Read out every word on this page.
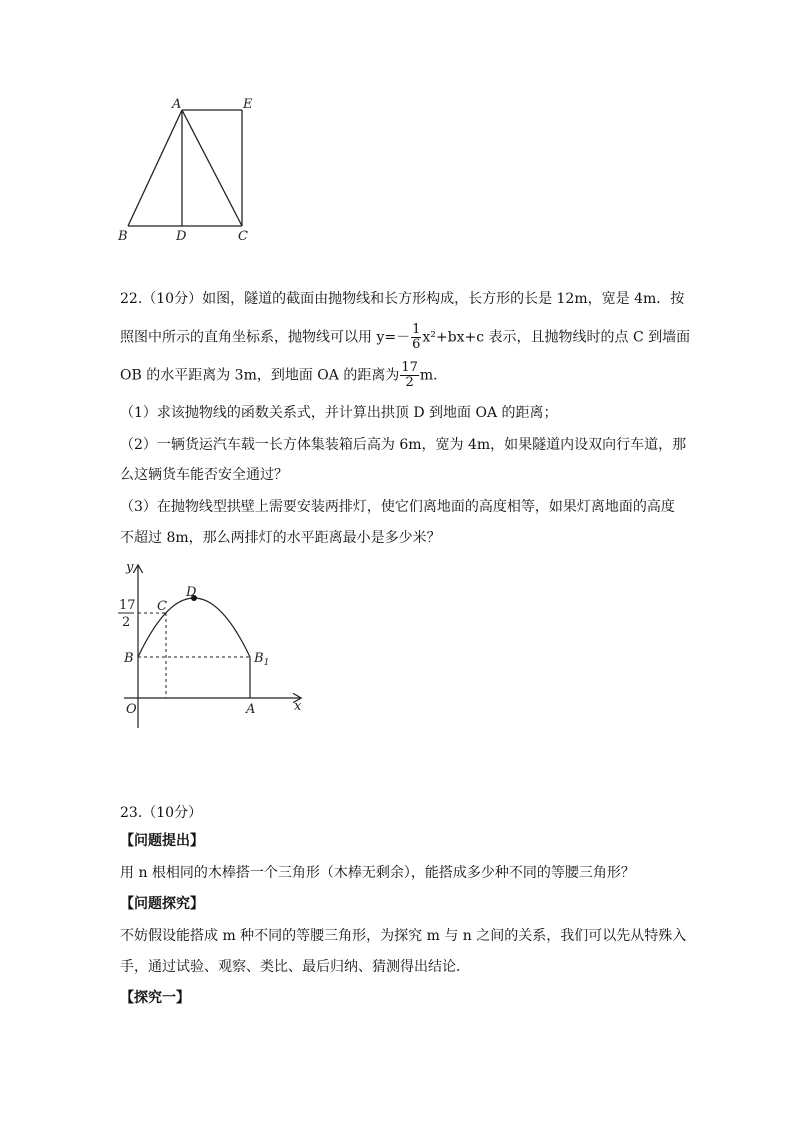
A	E
B	D	C
22.（10分）如图，隧道的截面由抛物线和长方形构成，长方形的长是 12m，宽是 4m．按
照图中所示的直角坐标系，抛物线可以用 $y=- \frac{1}{6} x^2+bx+c$ 表示，且抛物线时的点 C 到墙面
OB 的水平距离为 3m，到地面 OA 的距离为 $\frac{17}{2}$ m．
（1）求该抛物线的函数关系式，并计算出拱顶 D 到地面 OA 的距离；
（2）一辆货运汽车载一长方体集装箱后高为 6m，宽为 4m，如果隧道内设双向行车道，那
么这辆货车能否安全通过？
（3）在抛物线型拱壁上需要安装两排灯，使它们离地面的高度相等，如果灯离地面的高度
不超过 8m，那么两排灯的水平距离最小是多少米？
y
x
O	A
B	$B_1$
C
D
17
2
23.（10分）
【问题提出】
用 n 根相同的木棒搭一个三角形（木棒无剩余），能搭成多少种不同的等腰三角形？
【问题探究】
不妨假设能搭成 m 种不同的等腰三角形，为探究 m 与 n 之间的关系，我们可以先从特殊入
手，通过试验、观察、类比、最后归纳、猜测得出结论．
【探究一】
